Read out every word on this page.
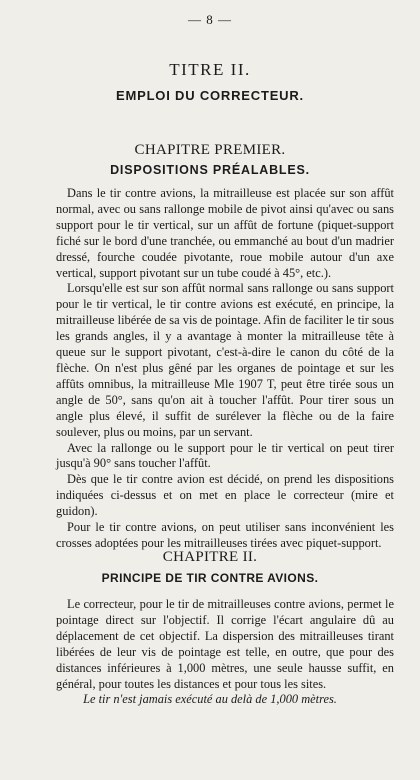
— 8 —
TITRE II.
EMPLOI DU CORRECTEUR.
CHAPITRE PREMIER.
DISPOSITIONS PRÉALABLES.

Dans le tir contre avions, la mitrailleuse est placée sur son affût normal, avec ou sans rallonge mobile de pivot ainsi qu'avec ou sans support pour le tir vertical, sur un affût de fortune (piquet-support fiché sur le bord d'une tranchée, ou emmanché au bout d'un madrier dressé, fourche coudée pivotante, roue mobile autour d'un axe vertical, support pivotant sur un tube coudé à 45°, etc.).

Lorsqu'elle est sur son affût normal sans rallonge ou sans support pour le tir vertical, le tir contre avions est exécuté, en principe, la mitrailleuse libérée de sa vis de pointage. Afin de faciliter le tir sous les grands angles, il y a avantage à monter la mitrailleuse tête à queue sur le support pivotant, c'est-à-dire le canon du côté de la flèche. On n'est plus gêné par les organes de pointage et sur les affûts omnibus, la mitrailleuse Mle 1907 T, peut être tirée sous un angle de 50°, sans qu'on ait à toucher l'affût. Pour tirer sous un angle plus élevé, il suffit de surélever la flèche ou de la faire soulever, plus ou moins, par un servant.

Avec la rallonge ou le support pour le tir vertical on peut tirer jusqu'à 90° sans toucher l'affût.

Dès que le tir contre avion est décidé, on prend les dispositions indiquées ci-dessus et on met en place le correcteur (mire et guidon).

Pour le tir contre avions, on peut utiliser sans inconvénient les crosses adoptées pour les mitrailleuses tirées avec piquet-support.

CHAPITRE II.
PRINCIPE DE TIR CONTRE AVIONS.

Le correcteur, pour le tir de mitrailleuses contre avions, permet le pointage direct sur l'objectif. Il corrige l'écart angulaire dû au déplacement de cet objectif. La dispersion des mitrailleuses tirant libérées de leur vis de pointage est telle, en outre, que pour des distances inférieures à 1,000 mètres, une seule hausse suffit, en général, pour toutes les distances et pour tous les sites.

Le tir n'est jamais exécuté au delà de 1,000 mètres.
